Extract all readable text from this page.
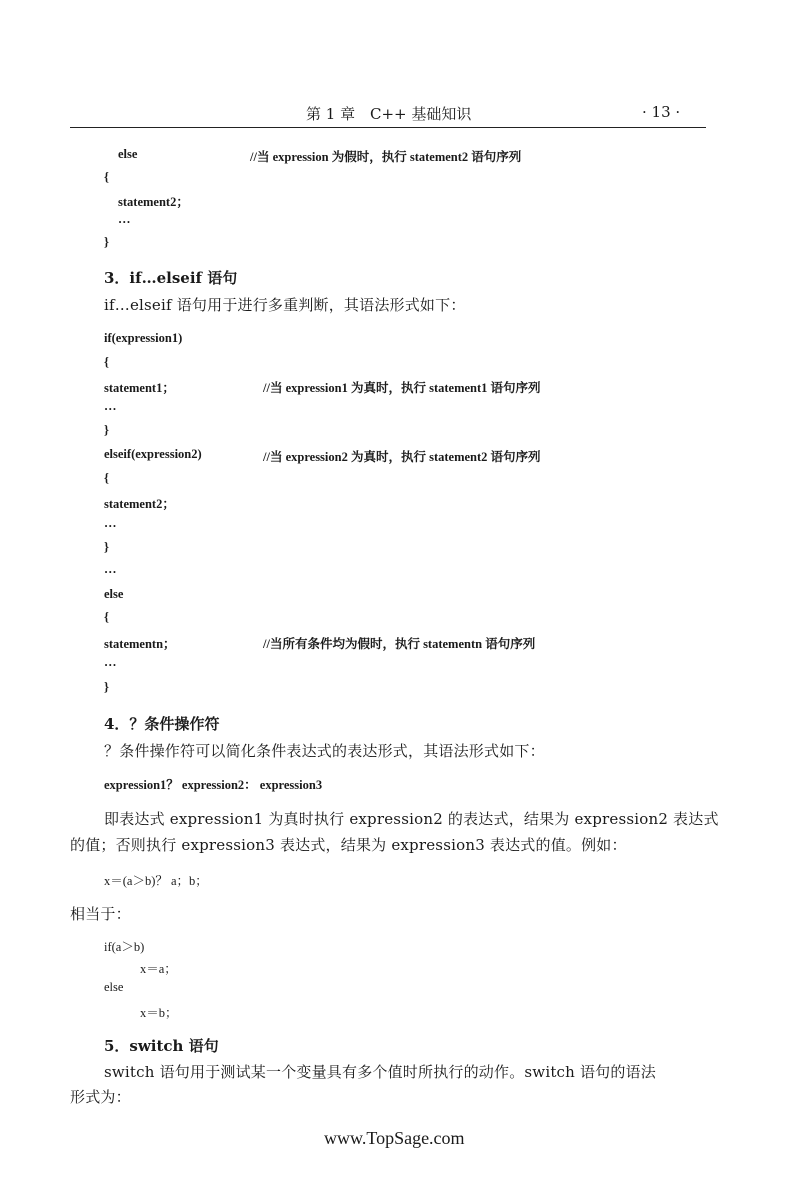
第 1 章 C++ 基础知识	· 13 ·
else	//当 expression 为假时，执行 statement2 语句序列
{
statement2；
…
}
3．if…elseif 语句
if…elseif 语句用于进行多重判断，其语法形式如下：
if(expression1)
{
statement1；	//当 expression1 为真时，执行 statement1 语句序列
…
}
elseif(expression2)	//当 expression2 为真时，执行 statement2 语句序列
{
statement2；
…
}
…
else
{
statementn；	//当所有条件均为假时，执行 statementn 语句序列
…
}
4．？条件操作符
？条件操作符可以简化条件表达式的表达形式，其语法形式如下：
expression1？ expression2： expression3
即表达式 expression1 为真时执行 expression2 的表达式，结果为 expression2 表达式
的值；否则执行 expression3 表达式，结果为 expression3 表达式的值。例如：
x＝(a＞b)？ a；b；
相当于：
if(a＞b)
x＝a；
else
x＝b；
5．switch 语句
switch 语句用于测试某一个变量具有多个值时所执行的动作。switch 语句的语法
形式为：
www.TopSage.com
